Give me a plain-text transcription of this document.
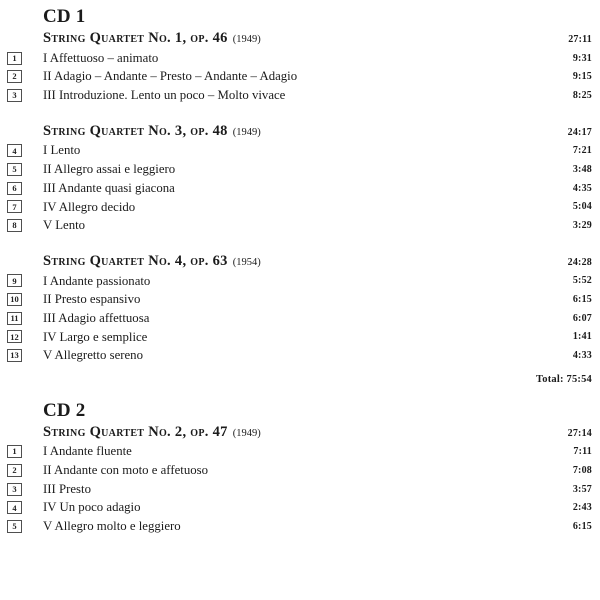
CD 1
String Quartet No. 1, op. 46 (1949)	27:11
1 I Affettuoso – animato	9:31
2 II Adagio – Andante – Presto – Andante – Adagio	9:15
3 III Introduzione. Lento un poco – Molto vivace	8:25
String Quartet No. 3, op. 48 (1949)	24:17
4 I Lento	7:21
5 II Allegro assai e leggiero	3:48
6 III Andante quasi giacona	4:35
7 IV Allegro decido	5:04
8 V Lento	3:29
String Quartet No. 4, op. 63 (1954)	24:28
9 I Andante passionato	5:52
10 II Presto espansivo	6:15
11 III Adagio affettuosa	6:07
12 IV Largo e semplice	1:41
13 V Allegretto sereno	4:33
Total: 75:54
CD 2
String Quartet No. 2, op. 47 (1949)	27:14
1 I Andante fluente	7:11
2 II Andante con moto e affetuoso	7:08
3 III Presto	3:57
4 IV Un poco adagio	2:43
5 V Allegro molto e leggiero	6:15
